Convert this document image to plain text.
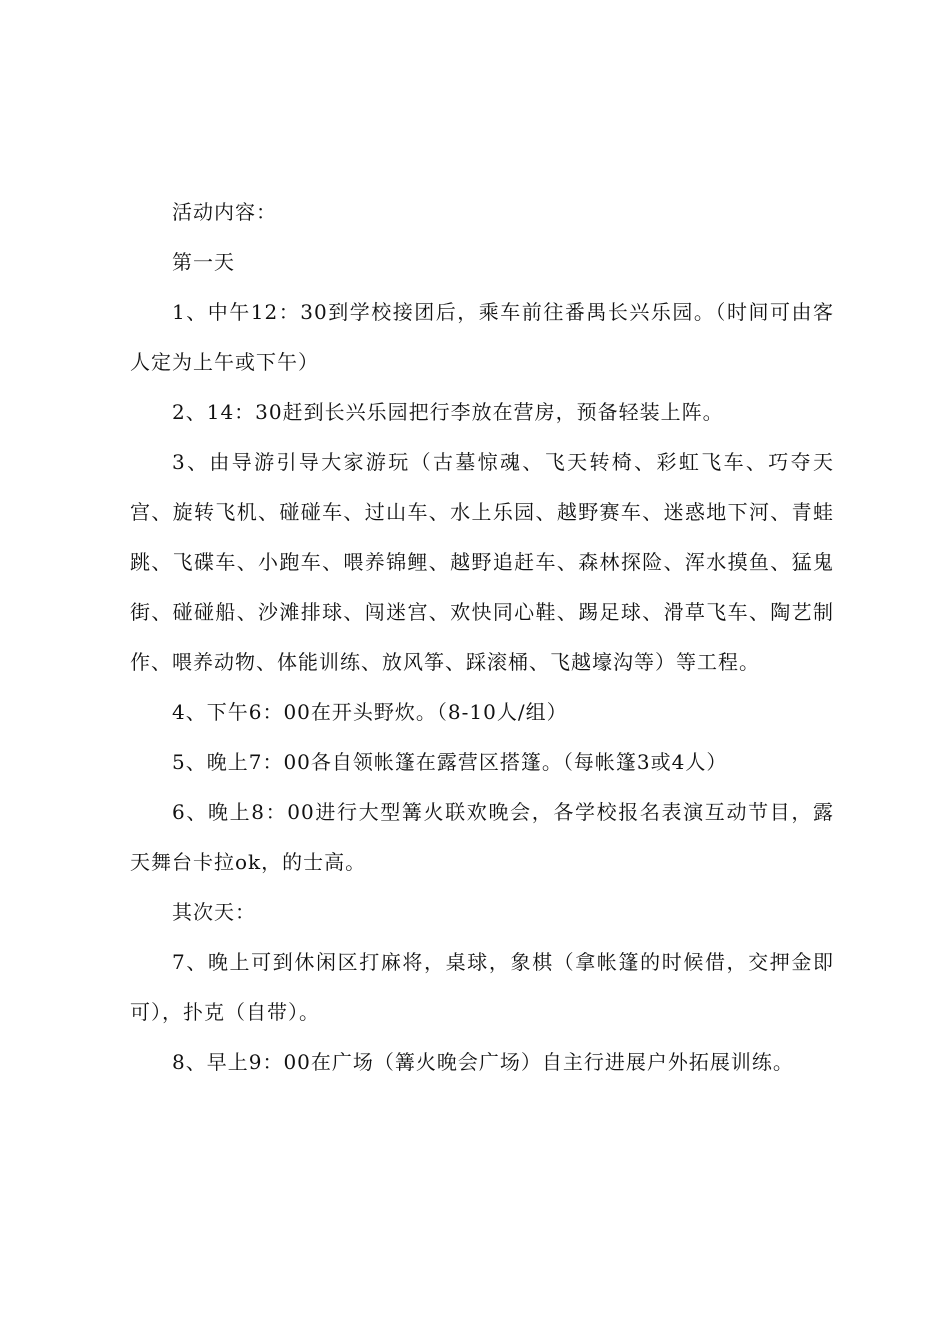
活动内容：

第一天

1、中午12：30到学校接团后，乘车前往番禺长兴乐园。（时间可由客人定为上午或下午）

2、14：30赶到长兴乐园把行李放在营房，预备轻装上阵。

3、由导游引导大家游玩（古墓惊魂、飞天转椅、彩虹飞车、巧夺天宫、旋转飞机、碰碰车、过山车、水上乐园、越野赛车、迷惑地下河、青蛙跳、飞碟车、小跑车、喂养锦鲤、越野追赶车、森林探险、浑水摸鱼、猛鬼街、碰碰船、沙滩排球、闯迷宫、欢快同心鞋、踢足球、滑草飞车、陶艺制作、喂养动物、体能训练、放风筝、踩滚桶、飞越壕沟等）等工程。

4、下午6：00在开头野炊。（8-10人/组）

5、晚上7：00各自领帐篷在露营区搭篷。（每帐篷3或4人）

6、晚上8：00进行大型篝火联欢晚会，各学校报名表演互动节目，露天舞台卡拉ok，的士高。

其次天：

7、晚上可到休闲区打麻将，桌球，象棋（拿帐篷的时候借，交押金即可），扑克（自带）。

8、早上9：00在广场（篝火晚会广场）自主行进展户外拓展训练。
